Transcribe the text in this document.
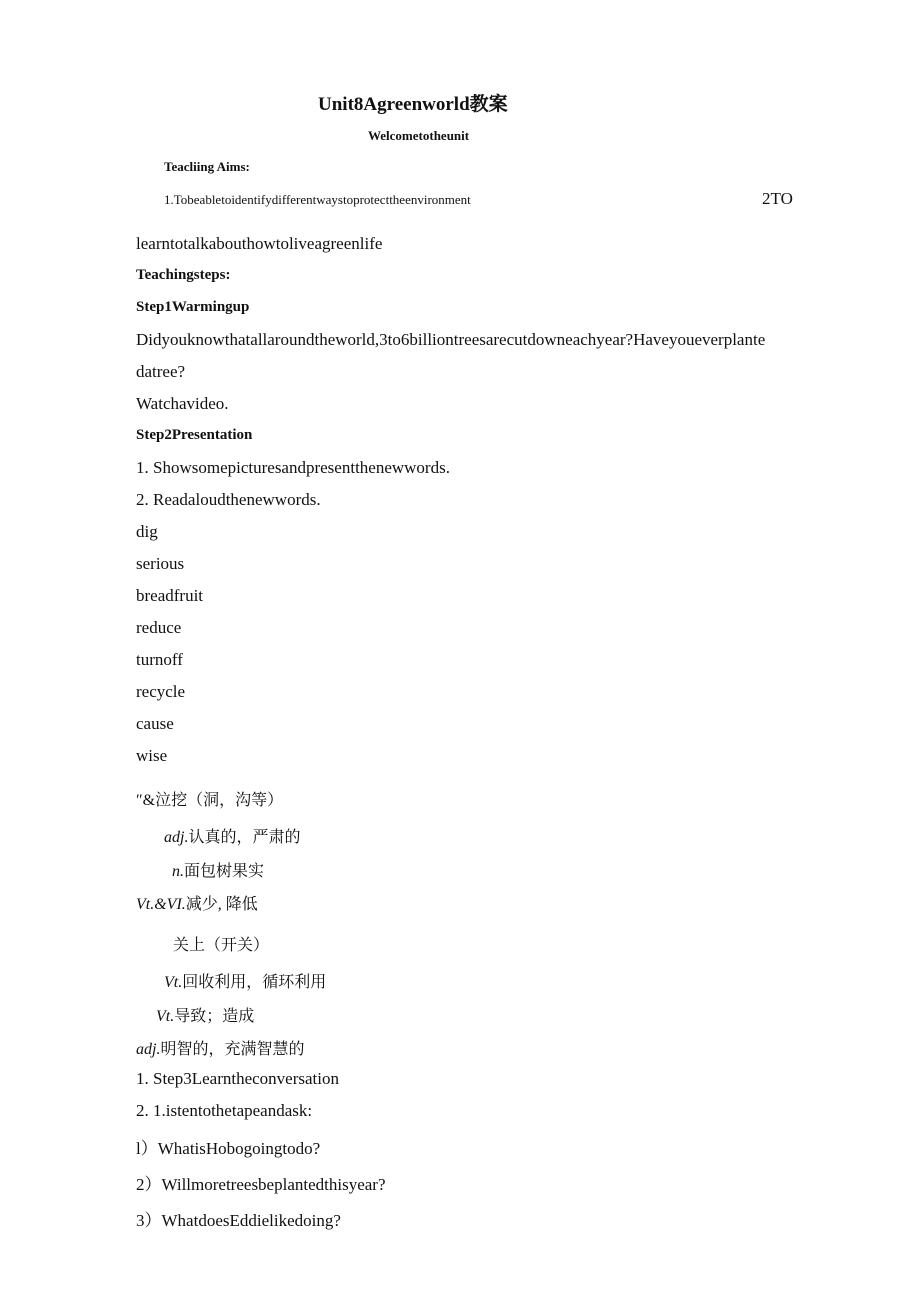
Unit8Agreenworld教案
Welcometotheunit
Teacliing Aims:
1.Tobeabletoidentifydifferentwaystoprotecttheenvironment	2TO
learntotalkabouthowtoliveagreenlife
Teachingsteps:
Step1Warmingup
Didyouknowthatallaroundtheworld,3to6billiontreesarecutdowneachyear?Haveyoueverplante
datree?
Watchavideo.
Step2Presentation
1. Showsomepicturesandpresentthenewwords.
2. Readaloudthenewwords.
dig
serious
breadfruit
reduce
turnoff
recycle
cause
wise
″&泣挖（洞，沟等）
adj.认真的，严肃的
n.面包树果实
Vt.&VI.减少, 降低
关上（开关）
Vt.回收利用，循环利用
Vt.导致；造成
adj.明智的，充满智慧的
1. Step3Learntheconversation
2. 1.istentothetapeandask:
l）WhatisHobogoingtodo?
2）Willmoretreesbeplantedthisyear?
3）WhatdoesEddielikedoing?
